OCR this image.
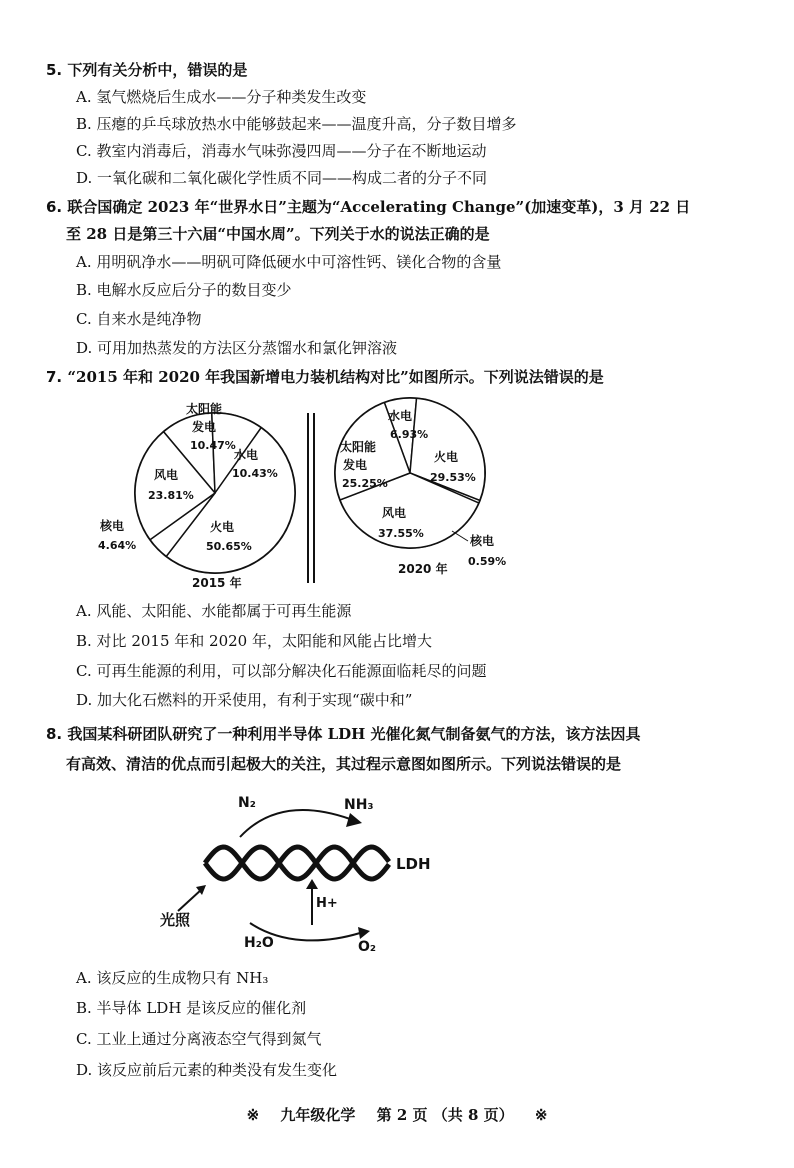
5. 下列有关分析中，错误的是
A. 氢气燃烧后生成水——分子种类发生改变
B. 压瘪的乒乓球放热水中能够鼓起来——温度升高，分子数目增多
C. 教室内消毒后，消毒水气味弥漫四周——分子在不断地运动
D. 一氧化碳和二氧化碳化学性质不同——构成二者的分子不同
6. 联合国确定 2023 年“世界水日”主题为“Accelerating Change”(加速变革)，3 月 22 日
至 28 日是第三十六届“中国水周”。下列关于水的说法正确的是
A. 用明矾净水——明矾可降低硬水中可溶性钙、镁化合物的含量
B. 电解水反应后分子的数目变少
C. 自来水是纯净物
D. 可用加热蒸发的方法区分蒸馏水和氯化钾溶液
7. “2015 年和 2020 年我国新增电力装机结构对比”如图所示。下列说法错误的是
太阳能
发电
10.47%
水电
10.43%
风电
23.81%
火电
50.65%
核电
4.64%
2015 年
水电
6.93%
太阳能
发电
25.25%
火电
29.53%
风电
37.55%
核电
0.59%
2020 年
A. 风能、太阳能、水能都属于可再生能源
B. 对比 2015 年和 2020 年，太阳能和风能占比增大
C. 可再生能源的利用，可以部分解决化石能源面临耗尽的问题
D. 加大化石燃料的开采使用，有利于实现“碳中和”
8. 我国某科研团队研究了一种利用半导体 LDH 光催化氮气制备氨气的方法，该方法因具
有高效、清洁的优点而引起极大的关注，其过程示意图如图所示。下列说法错误的是
N₂	NH₃
LDH
H+
光照
H₂O	O₂
A. 该反应的生成物只有 NH₃
B. 半导体 LDH 是该反应的催化剂
C. 工业上通过分离液态空气得到氮气
D. 该反应前后元素的种类没有发生变化
※ 九年级化学 第 2 页 （共 8 页） ※
